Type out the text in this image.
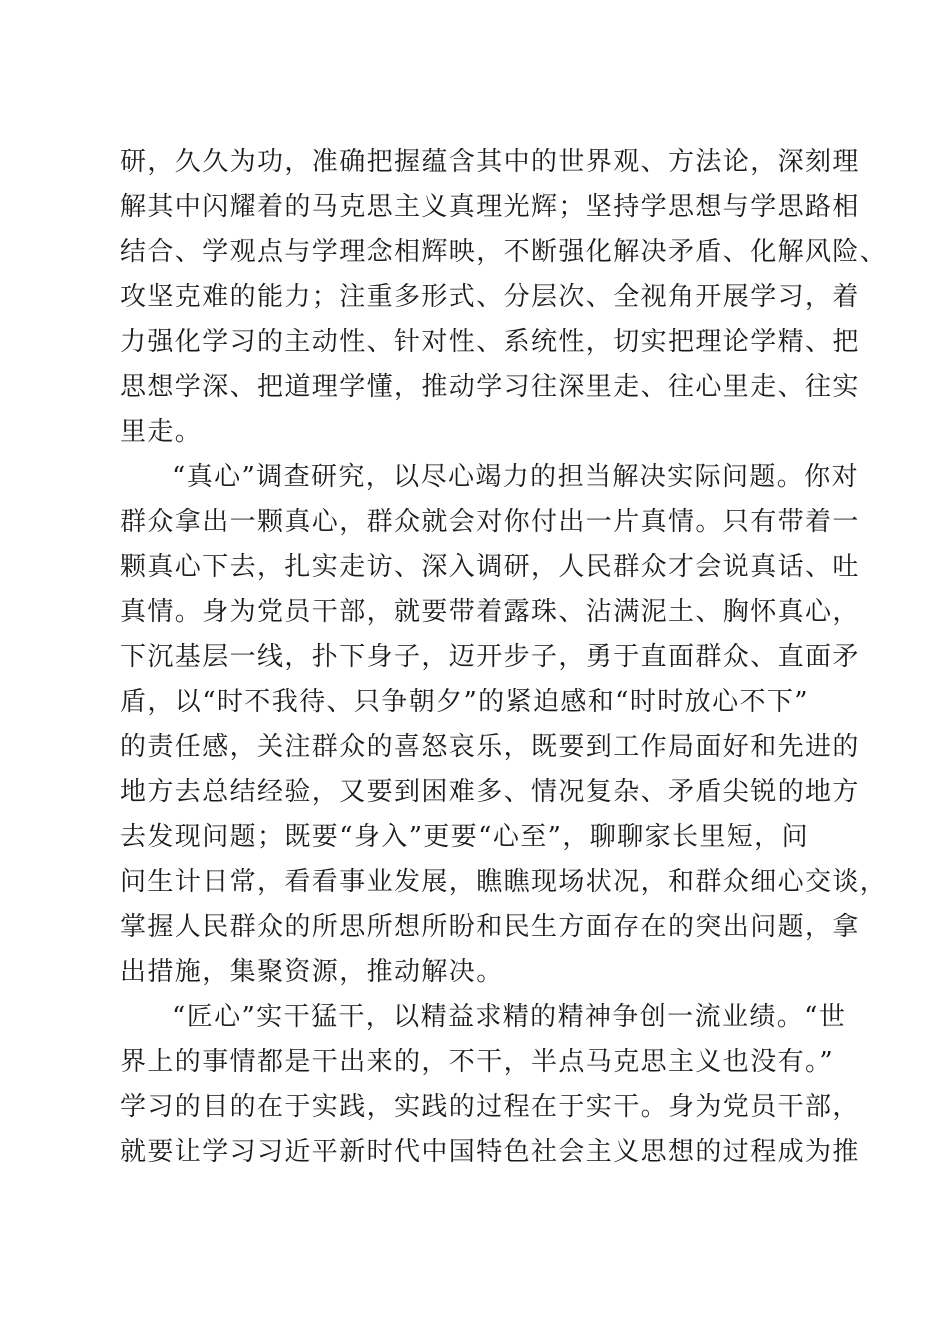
研，久久为功，准确把握蕴含其中的世界观、方法论，深刻理
解其中闪耀着的马克思主义真理光辉；坚持学思想与学思路相
结合、学观点与学理念相辉映，不断强化解决矛盾、化解风险、
攻坚克难的能力；注重多形式、分层次、全视角开展学习，着
力强化学习的主动性、针对性、系统性，切实把理论学精、把
思想学深、把道理学懂，推动学习往深里走、往心里走、往实
里走。
“真心”调查研究，以尽心竭力的担当解决实际问题。你对
群众拿出一颗真心，群众就会对你付出一片真情。只有带着一
颗真心下去，扎实走访、深入调研，人民群众才会说真话、吐
真情。身为党员干部，就要带着露珠、沾满泥土、胸怀真心，
下沉基层一线，扑下身子，迈开步子，勇于直面群众、直面矛
盾，以“时不我待、只争朝夕”的紧迫感和“时时放心不下”
的责任感，关注群众的喜怒哀乐，既要到工作局面好和先进的
地方去总结经验，又要到困难多、情况复杂、矛盾尖锐的地方
去发现问题；既要“身入”更要“心至”，聊聊家长里短，问
问生计日常，看看事业发展，瞧瞧现场状况，和群众细心交谈，
掌握人民群众的所思所想所盼和民生方面存在的突出问题，拿
出措施，集聚资源，推动解决。
“匠心”实干猛干，以精益求精的精神争创一流业绩。“世
界上的事情都是干出来的，不干，半点马克思主义也没有。”
学习的目的在于实践，实践的过程在于实干。身为党员干部，
就要让学习习近平新时代中国特色社会主义思想的过程成为推
